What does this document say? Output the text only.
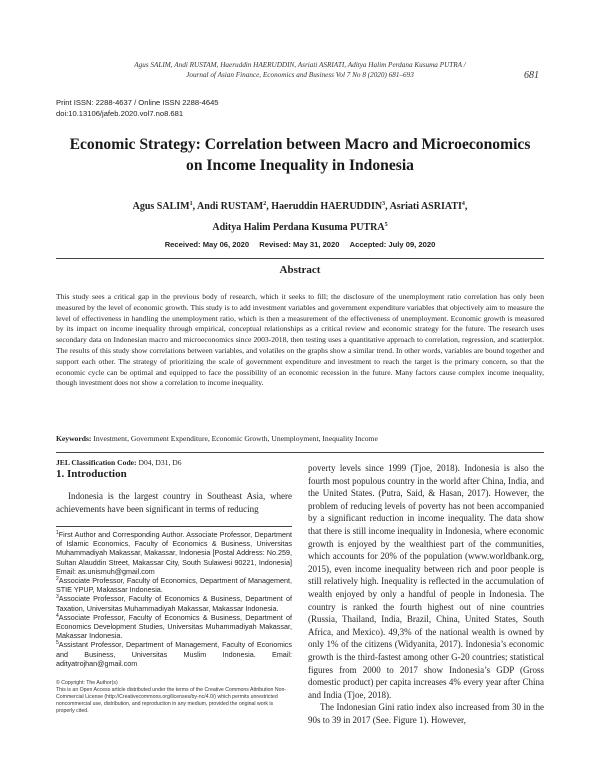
Agus SALIM, Andi RUSTAM, Haeruddin HAERUDDIN, Asriati ASRIATI, Aditya Halim Perdana Kusuma PUTRA /
Journal of Asian Finance, Economics and Business Vol 7 No 8 (2020) 681–693	681
Print ISSN: 2288-4637 / Online ISSN 2288-4645
doi:10.13106/jafeb.2020.vol7.no8.681
Economic Strategy: Correlation between Macro and Microeconomics
on Income Inequality in Indonesia
Agus SALIM$^1$, Andi RUSTAM$^2$, Haeruddin HAERUDDIN$^3$, Asriati ASRIATI$^4$,
Aditya Halim Perdana Kusuma PUTRA$^5$
Received: May 06, 2020 Revised: May 31, 2020 Accepted: July 09, 2020
Abstract
This study sees a critical gap in the previous body of research, which it seeks to fill; the disclosure of the unemployment ratio correlation has only been measured by the level of economic growth. This study is to add investment variables and government expenditure variables that objectively aim to measure the level of effectiveness in handling the unemployment ratio, which is then a measurement of the effectiveness of unemployment. Economic growth is measured by its impact on income inequality through empirical, conceptual relationships as a critical review and economic strategy for the future. The research uses secondary data on Indonesian macro and microeconomics since 2003-2018, then testing uses a quantitative approach to correlation, regression, and scatterplot. The results of this study show correlations between variables, and volatiles on the graphs show a similar trend. In other words, variables are bound together and support each other. The strategy of prioritizing the scale of government expenditure and investment to reach the target is the primary concern, so that the economic cycle can be optimal and equipped to face the possibility of an economic recession in the future. Many factors cause complex income inequality, though investment does not show a correlation to income inequality.
Keywords: Investment, Government Expenditure, Economic Growth, Unemployment, Inequality Income
JEL Classification Code: D04, D31, D6
1. Introduction
Indonesia is the largest country in Southeast Asia, where achievements have been significant in terms of reducing
$^1$First Author and Corresponding Author. Associate Professor, Department of Islamic Economics, Faculty of Economics & Business, Universitas Muhammadiyah Makassar, Makassar, Indonesia [Postal Address: No.259, Sultan Alauddin Street, Makassar City, South Sulawesi 90221, Indonesia] Email: as.unismuh@gmail.com
$^2$Associate Professor, Faculty of Economics, Department of Management, STIE YPUP, Makassar Indonesia.
$^3$Associate Professor, Faculty of Economics & Business, Department of Taxation, Universitas Muhammadiyah Makassar, Makassar Indonesia.
$^4$Associate Professor, Faculty of Economics & Business, Department of Economics Development Studies, Universitas Muhammadiyah Makassar, Makassar Indonesia.
$^5$Assistant Professor, Department of Management, Faculty of Economics and Business, Universitas Muslim Indonesia. Email: adityatrojhan@gmail.com
© Copyright: The Author(s)
This is an Open Access article distributed under the terms of the Creative Commons Attribution Non-Commercial License (http://Creativecommons.org/licenses/by-nc/4.0/) which permits unrestricted noncommercial use, distribution, and reproduction in any medium, provided the original work is properly cited.

poverty levels since 1999 (Tjoe, 2018). Indonesia is also the fourth most populous country in the world after China, India, and the United States. (Putra, Said, & Hasan, 2017). However, the problem of reducing levels of poverty has not been accompanied by a significant reduction in income inequality. The data show that there is still income inequality in Indonesia, where economic growth is enjoyed by the wealthiest part of the communities, which accounts for 20% of the population (www.worldbank.org, 2015), even income inequality between rich and poor people is still relatively high. Inequality is reflected in the accumulation of wealth enjoyed by only a handful of people in Indonesia. The country is ranked the fourth highest out of nine countries (Russia, Thailand, India, Brazil, China, United States, South Africa, and Mexico). 49,3% of the national wealth is owned by only 1% of the citizens (Widyanita, 2017). Indonesia’s economic growth is the third-fastest among other G-20 countries; statistical figures from 2000 to 2017 show Indonesia’s GDP (Gross domestic product) per capita increases 4% every year after China and India (Tjoe, 2018).

The Indonesian Gini ratio index also increased from 30 in the 90s to 39 in 2017 (See. Figure 1). However,
